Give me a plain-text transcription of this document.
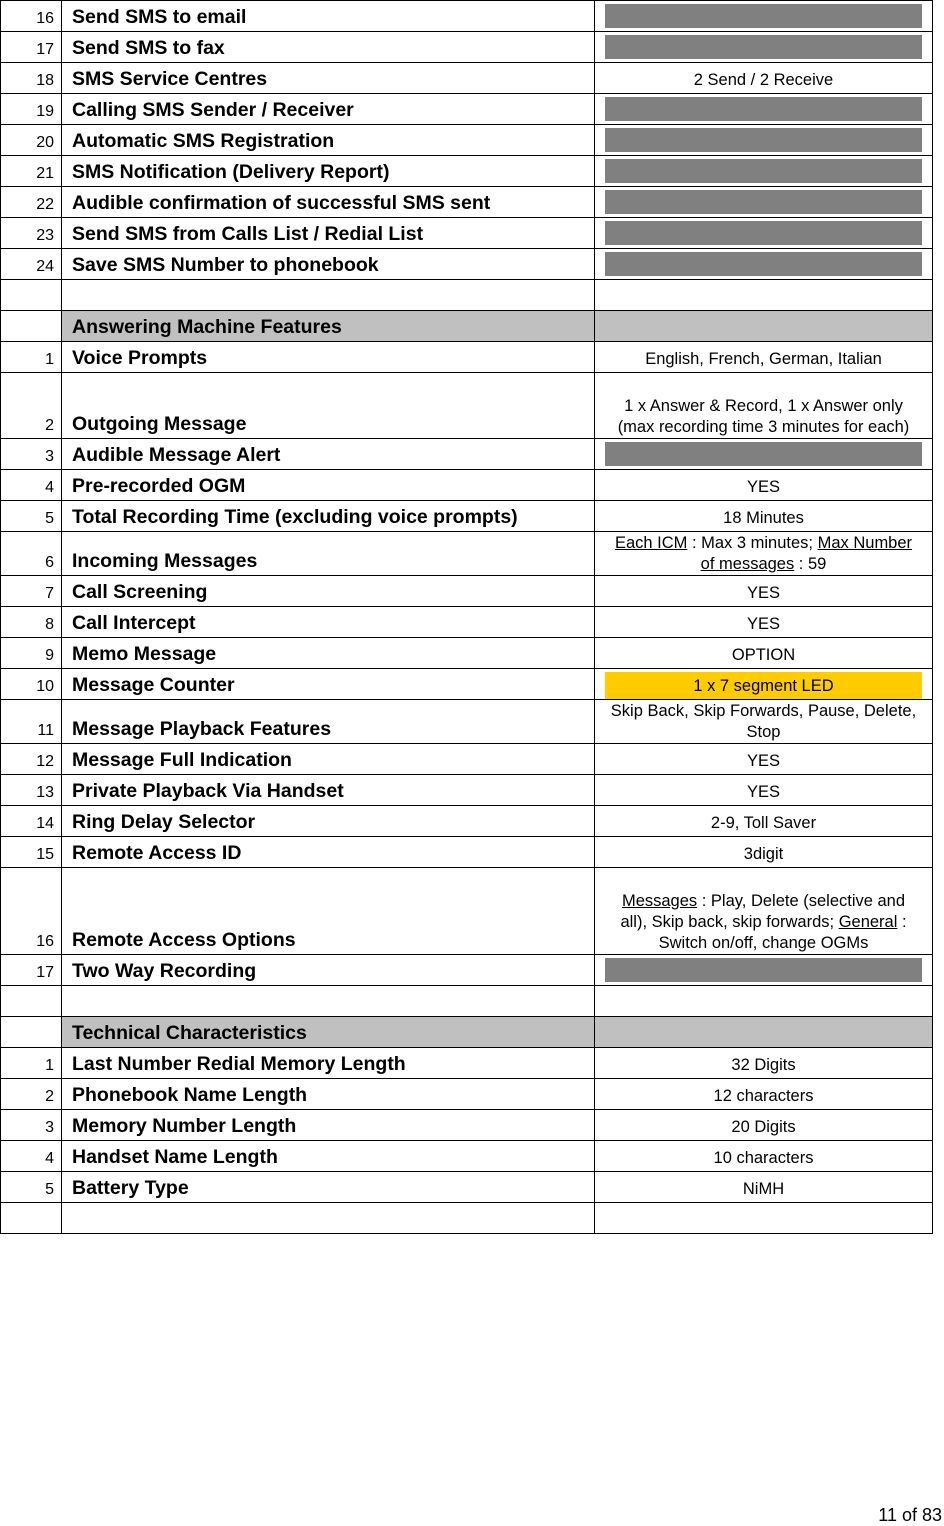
16	Send SMS to email	
17	Send SMS to fax	
18	SMS Service Centres	2 Send / 2 Receive
19	Calling SMS Sender / Receiver	
20	Automatic SMS Registration	
21	SMS Notification (Delivery Report)	
22	Audible confirmation of successful SMS sent	
23	Send SMS from Calls List / Redial List	
24	Save SMS Number to phonebook	

	Answering Machine Features	
1	Voice Prompts	English, French, German, Italian
2	Outgoing Message	1 x Answer & Record, 1 x Answer only (max recording time 3 minutes for each)
3	Audible Message Alert	
4	Pre-recorded OGM	YES
5	Total Recording Time (excluding voice prompts)	18 Minutes
6	Incoming Messages	Each ICM : Max 3 minutes; Max Number of messages : 59
7	Call Screening	YES
8	Call Intercept	YES
9	Memo Message	OPTION
10	Message Counter	1 x 7 segment LED
11	Message Playback Features	Skip Back, Skip Forwards, Pause, Delete, Stop
12	Message Full Indication	YES
13	Private Playback Via Handset	YES
14	Ring Delay Selector	2-9, Toll Saver
15	Remote Access ID	3digit
16	Remote Access Options	Messages : Play, Delete (selective and all), Skip back, skip forwards; General : Switch on/off, change OGMs
17	Two Way Recording	

	Technical Characteristics	
1	Last Number Redial Memory Length	32 Digits
2	Phonebook Name Length	12 characters
3	Memory Number Length	20 Digits
4	Handset Name Length	10 characters
5	Battery Type	NiMH

11 of 83
